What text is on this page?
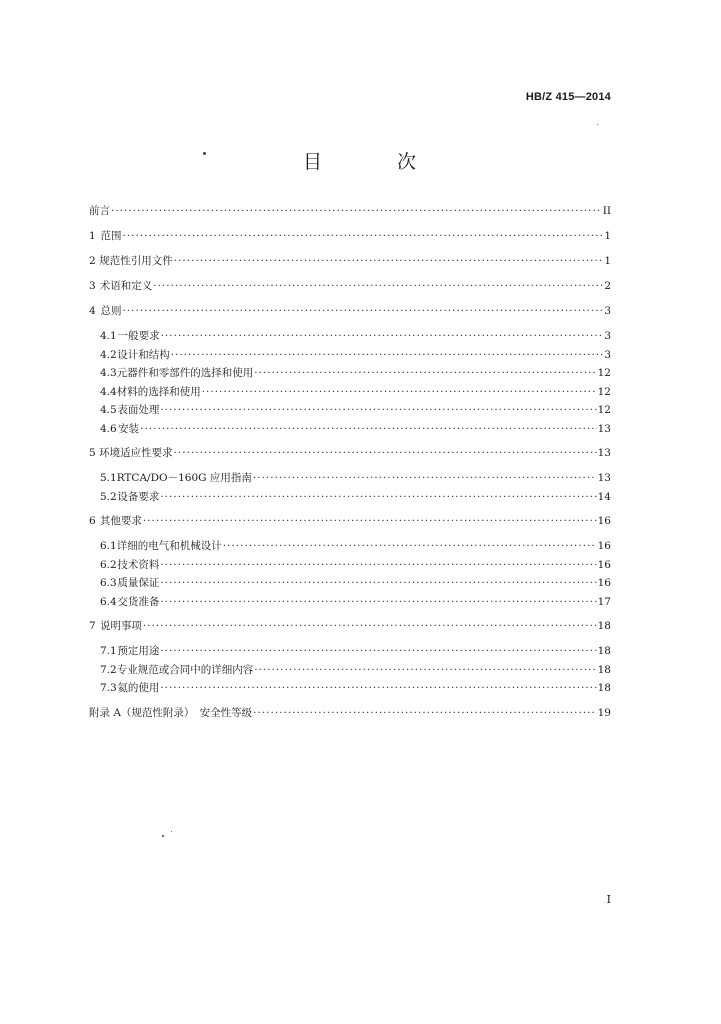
HB/Z 415—2014
目　次
前言 ·····	II
1 范围 ·····	1
2 规范性引用文件 ·····	1
3 术语和定义 ·····	2
4 总则 ·····	3
4.1 一般要求 ·····	3
4.2 设计和结构 ·····	3
4.3 元器件和零部件的选择和使用 ·····	12
4.4 材料的选择和使用 ·····	12
4.5 表面处理 ·····	12
4.6 安装 ·····	13
5 环境适应性要求 ·····	13
5.1 RTCA/DO－160G 应用指南 ·····	13
5.2 设备要求 ·····	14
6 其他要求 ·····	16
6.1 详细的电气和机械设计 ·····	16
6.2 技术资料 ·····	16
6.3 质量保证 ·····	16
6.4 交货准备 ·····	17
7 说明事项 ·····	18
7.1 预定用途 ·····	18
7.2 专业规范或合同中的详细内容 ·····	18
7.3 氦的使用 ·····	18
附录 A（规范性附录）　安全性等级 ·····	19
I
